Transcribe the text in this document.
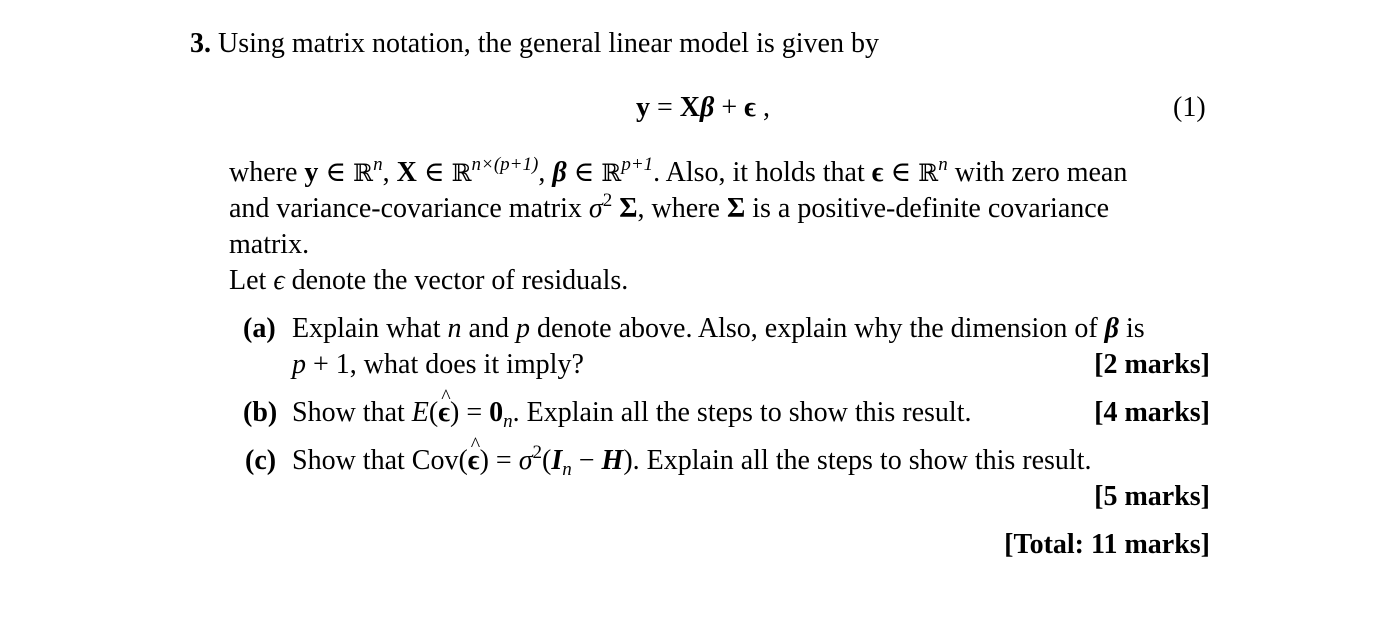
3. Using matrix notation, the general linear model is given by
y = Xβ + ϵ ,	(1)
where y ∈ ℝ$^n$, X ∈ ℝ$^{n\times(p+1)}$, β ∈ ℝ$^{p+1}$. Also, it holds that ϵ ∈ ℝ$^n$ with zero mean
and variance-covariance matrix $\sigma^2$ Σ, where Σ is a positive-definite covariance
matrix.
Let ϵ denote the vector of residuals.
(a) Explain what n and p denote above. Also, explain why the dimension of β is
p + 1, what does it imply?	[2 marks]
(b) Show that E(ϵ ^) = $0_n$. Explain all the steps to show this result.	[4 marks]
(c) Show that Cov(ϵ ^) = $\sigma^2(I_n - H)$. Explain all the steps to show this result.
[5 marks]
[Total: 11 marks]
